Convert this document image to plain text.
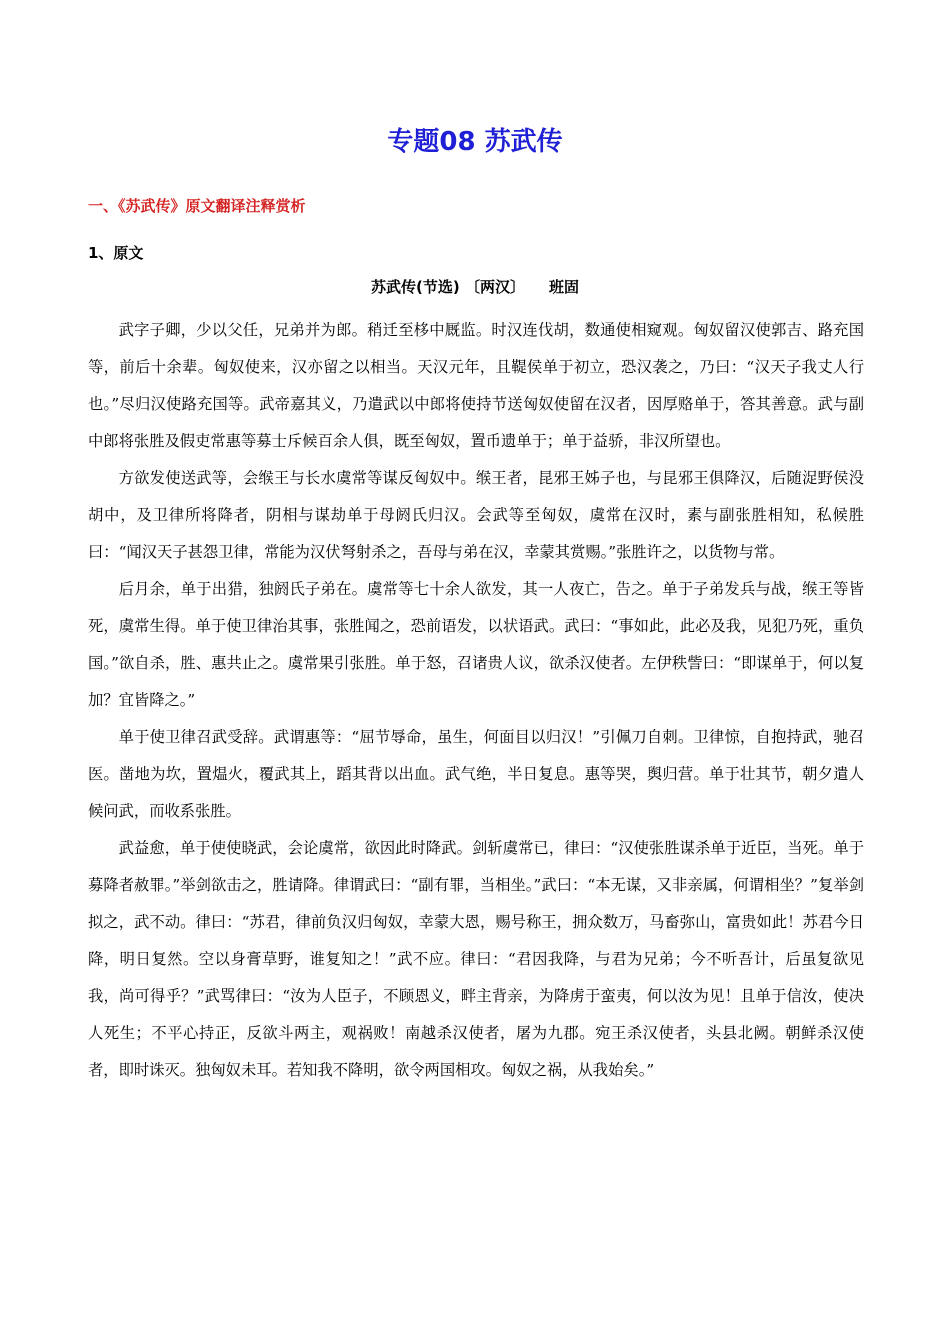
专题08 苏武传
一、《苏武传》原文翻译注释赏析
1、原文
苏武传(节选) 〔两汉〕 班固

武字子卿，少以父任，兄弟并为郎。稍迁至栘中厩监。时汉连伐胡，数通使相窥观。匈奴留汉使郭吉、路充国等，前后十余辈。匈奴使来，汉亦留之以相当。天汉元年，且鞮侯单于初立，恐汉袭之，乃曰：“汉天子我丈人行也。”尽归汉使路充国等。武帝嘉其义，乃遣武以中郎将使持节送匈奴使留在汉者，因厚赂单于，答其善意。武与副中郎将张胜及假吏常惠等募士斥候百余人俱，既至匈奴，置币遗单于；单于益骄，非汉所望也。

方欲发使送武等，会缑王与长水虞常等谋反匈奴中。缑王者，昆邪王姊子也，与昆邪王俱降汉，后随浞野侯没胡中，及卫律所将降者，阴相与谋劫单于母阏氏归汉。会武等至匈奴，虞常在汉时，素与副张胜相知，私候胜曰：“闻汉天子甚怨卫律，常能为汉伏弩射杀之，吾母与弟在汉，幸蒙其赏赐。”张胜许之，以货物与常。

后月余，单于出猎，独阏氏子弟在。虞常等七十余人欲发，其一人夜亡，告之。单于子弟发兵与战，缑王等皆死，虞常生得。单于使卫律治其事，张胜闻之，恐前语发，以状语武。武曰：“事如此，此必及我，见犯乃死，重负国。”欲自杀，胜、惠共止之。虞常果引张胜。单于怒，召诸贵人议，欲杀汉使者。左伊秩訾曰：“即谋单于，何以复加？宜皆降之。”

单于使卫律召武受辞。武谓惠等：“屈节辱命，虽生，何面目以归汉！”引佩刀自刺。卫律惊，自抱持武，驰召医。凿地为坎，置煴火，覆武其上，蹈其背以出血。武气绝，半日复息。惠等哭，舆归营。单于壮其节，朝夕遣人候问武，而收系张胜。

武益愈，单于使使晓武，会论虞常，欲因此时降武。剑斩虞常已，律曰：“汉使张胜谋杀单于近臣，当死。单于募降者赦罪。”举剑欲击之，胜请降。律谓武曰：“副有罪，当相坐。”武曰：“本无谋，又非亲属，何谓相坐？”复举剑拟之，武不动。律曰：“苏君，律前负汉归匈奴，幸蒙大恩，赐号称王，拥众数万，马畜弥山，富贵如此！苏君今日降，明日复然。空以身膏草野，谁复知之！”武不应。律曰：“君因我降，与君为兄弟；今不听吾计，后虽复欲见我，尚可得乎？”武骂律曰：“汝为人臣子，不顾恩义，畔主背亲，为降虏于蛮夷，何以汝为见！且单于信汝，使决人死生；不平心持正，反欲斗两主，观祸败！南越杀汉使者，屠为九郡。宛王杀汉使者，头县北阙。朝鲜杀汉使者，即时诛灭。独匈奴未耳。若知我不降明，欲令两国相攻。匈奴之祸，从我始矣。”
